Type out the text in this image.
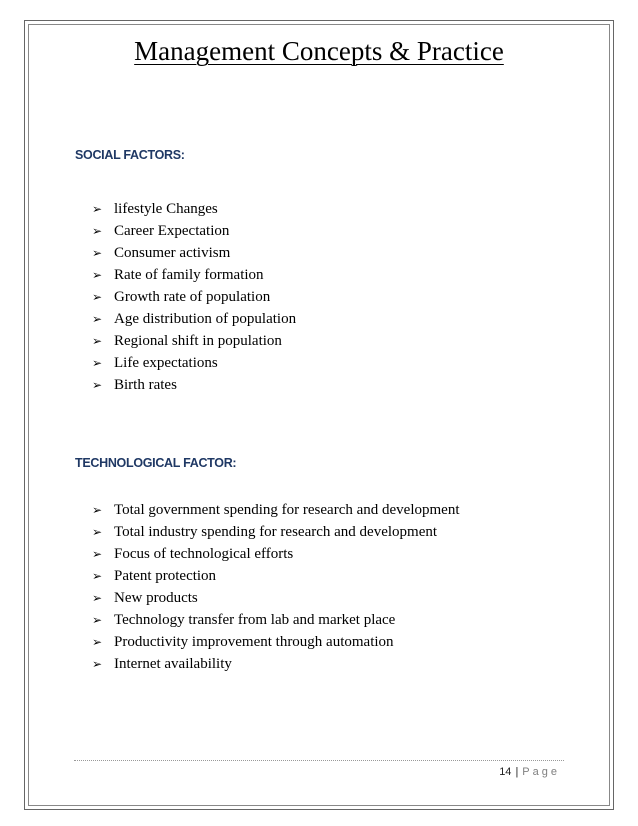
Management Concepts & Practice
SOCIAL FACTORS:
➢ lifestyle Changes
➢ Career Expectation
➢ Consumer activism
➢ Rate of family formation
➢ Growth rate of population
➢ Age distribution of population
➢ Regional shift in population
➢ Life expectations
➢ Birth rates
TECHNOLOGICAL FACTOR:
➢ Total government spending for research and development
➢ Total industry spending for research and development
➢ Focus of technological efforts
➢ Patent protection
➢ New products
➢ Technology transfer from lab and market place
➢ Productivity improvement through automation
➢ Internet availability
14 | Page
